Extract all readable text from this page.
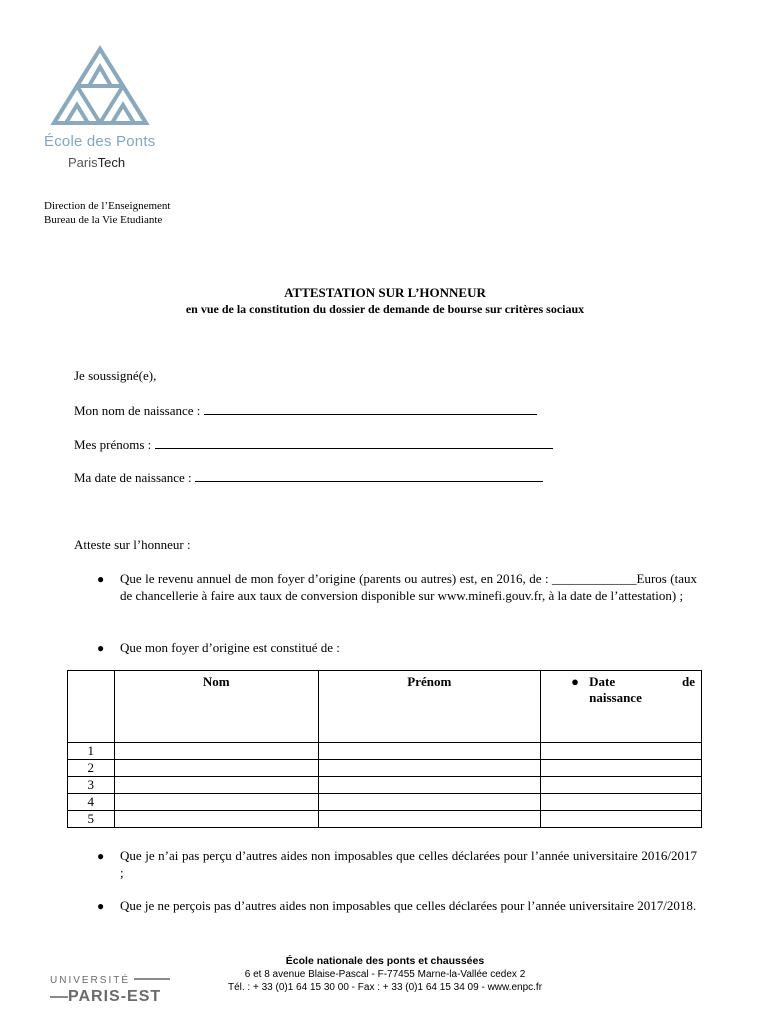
École des Ponts
ParisTech
Direction de l’Enseignement
Bureau de la Vie Etudiante
ATTESTATION SUR L’HONNEUR
en vue de la constitution du dossier de demande de bourse sur critères sociaux
Je soussigné(e),
Mon nom de naissance :
Mes prénoms :
Ma date de naissance :
Atteste sur l’honneur :
● Que le revenu annuel de mon foyer d’origine (parents ou autres) est, en 2016, de : _____________Euros (taux de chancellerie à faire aux taux de conversion disponible sur www.minefi.gouv.fr, à la date de l’attestation) ;
● Que mon foyer d’origine est constitué de :
	Nom	Prénom	● Date de
naissance

1			
2			
3			
4			
5			
● Que je n’ai pas perçu d’autres aides non imposables que celles déclarées pour l’année universitaire 2016/2017 ;
● Que je ne perçois pas d’autres aides non imposables que celles déclarées pour l’année universitaire 2017/2018.
École nationale des ponts et chaussées
6 et 8 avenue Blaise-Pascal - F-77455 Marne-la-Vallée cedex 2
Tél. : + 33 (0)1 64 15 30 00 - Fax : + 33 (0)1 64 15 34 09 - www.enpc.fr
UNIVERSITÉ
PARIS-EST
